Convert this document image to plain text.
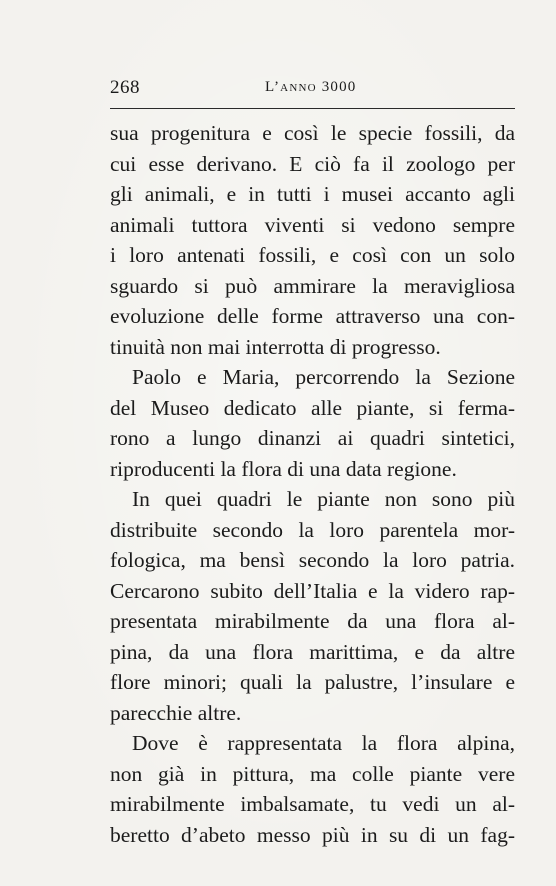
268	L’anno 3000
sua progenitura e così le specie fossili, da
cui esse derivano. E ciò fa il zoologo per
gli animali, e in tutti i musei accanto agli
animali tuttora viventi si vedono sempre
i loro antenati fossili, e così con un solo
sguardo si può ammirare la meravigliosa
evoluzione delle forme attraverso una con-
tinuità non mai interrotta di progresso.
Paolo e Maria, percorrendo la Sezione
del Museo dedicato alle piante, si ferma-
rono a lungo dinanzi ai quadri sintetici,
riproducenti la flora di una data regione.
In quei quadri le piante non sono più
distribuite secondo la loro parentela mor-
fologica, ma bensì secondo la loro patria.
Cercarono subito dell’Italia e la videro rap-
presentata mirabilmente da una flora al-
pina, da una flora marittima, e da altre
flore minori; quali la palustre, l’insulare e
parecchie altre.
Dove è rappresentata la flora alpina,
non già in pittura, ma colle piante vere
mirabilmente imbalsamate, tu vedi un al-
beretto d’abeto messo più in su di un fag-
